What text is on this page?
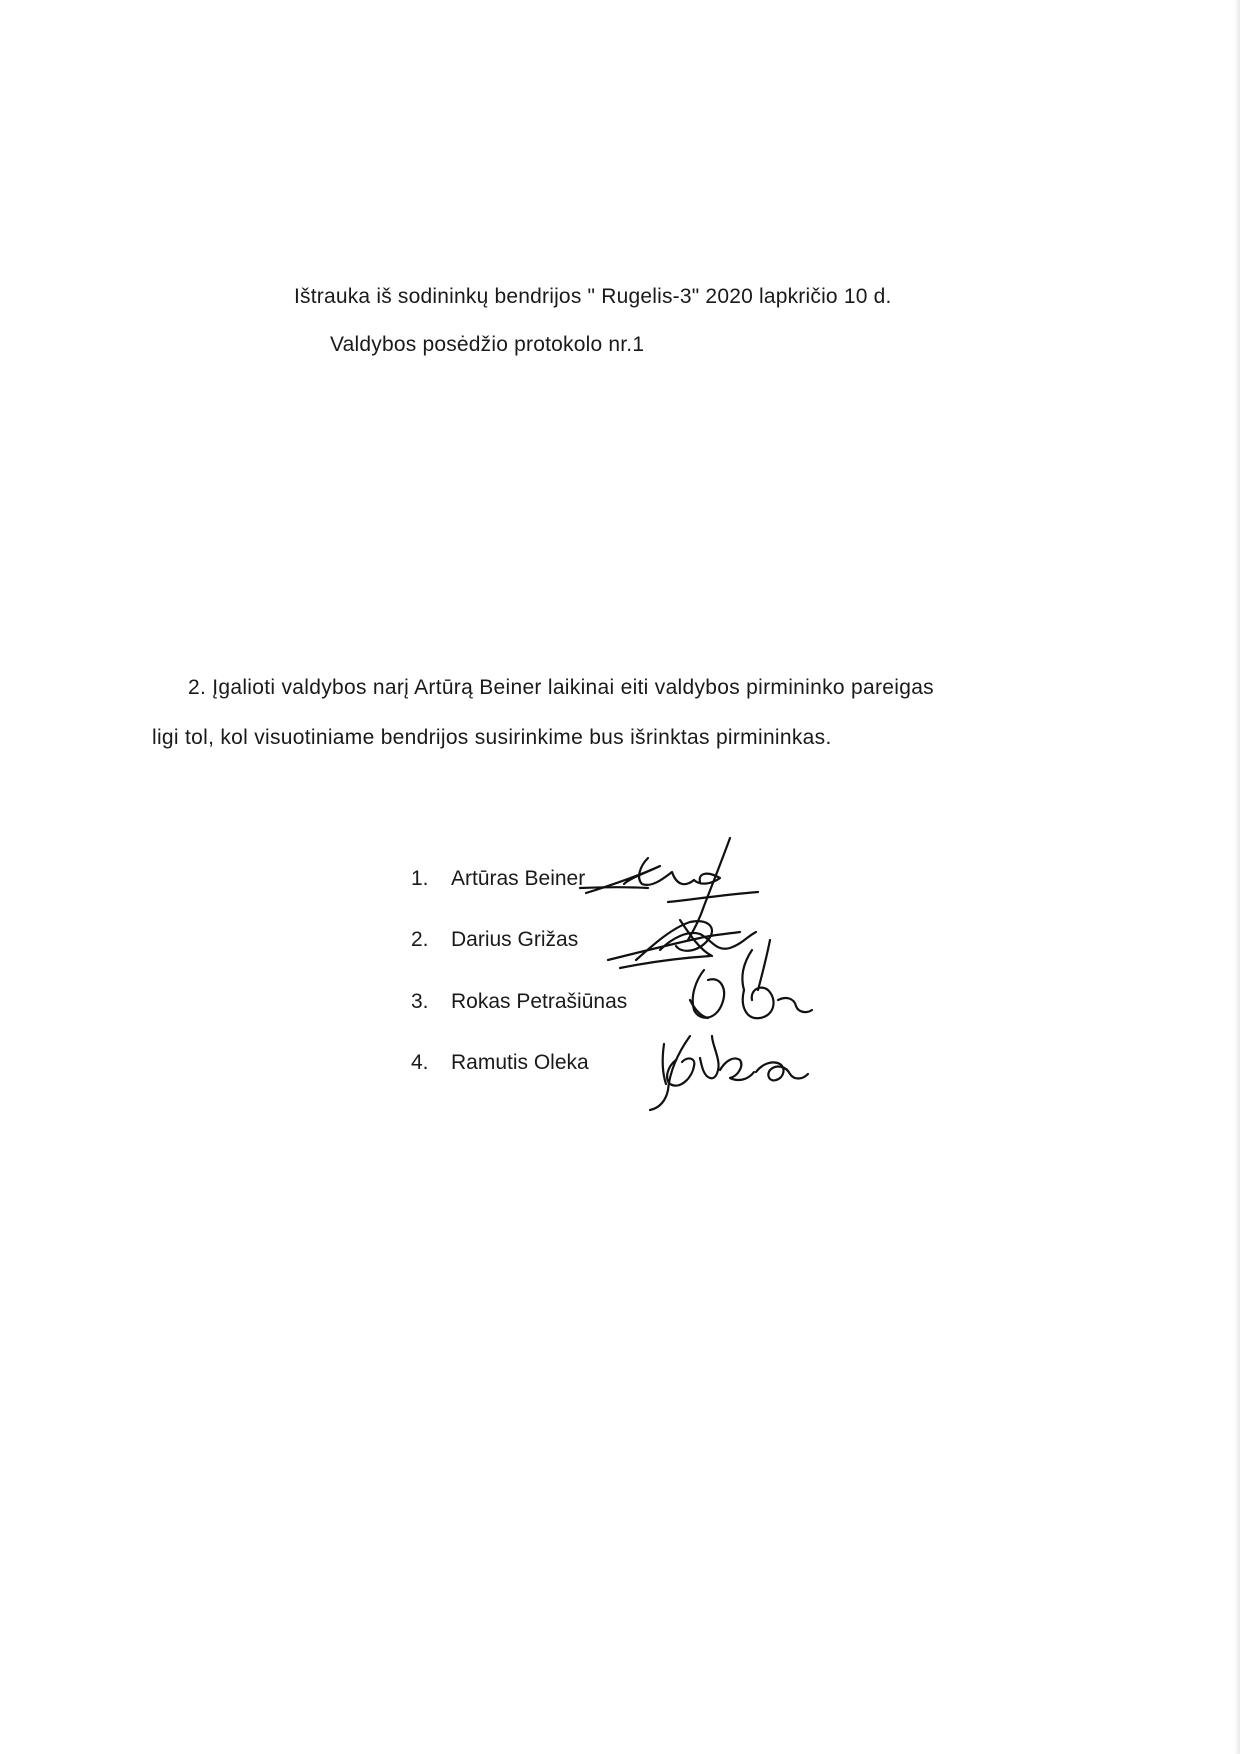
Ištrauka iš sodininkų bendrijos " Rugelis-3" 2020 lapkričio 10 d.
Valdybos posėdžio protokolo nr.1
2. Įgalioti valdybos narį Artūrą Beiner laikinai eiti valdybos pirmininko pareigas
ligi tol, kol visuotiniame bendrijos susirinkime bus išrinktas pirmininkas.
1. Artūras Beiner
2. Darius Grižas
3. Rokas Petrašiūnas
4. Ramutis Oleka
